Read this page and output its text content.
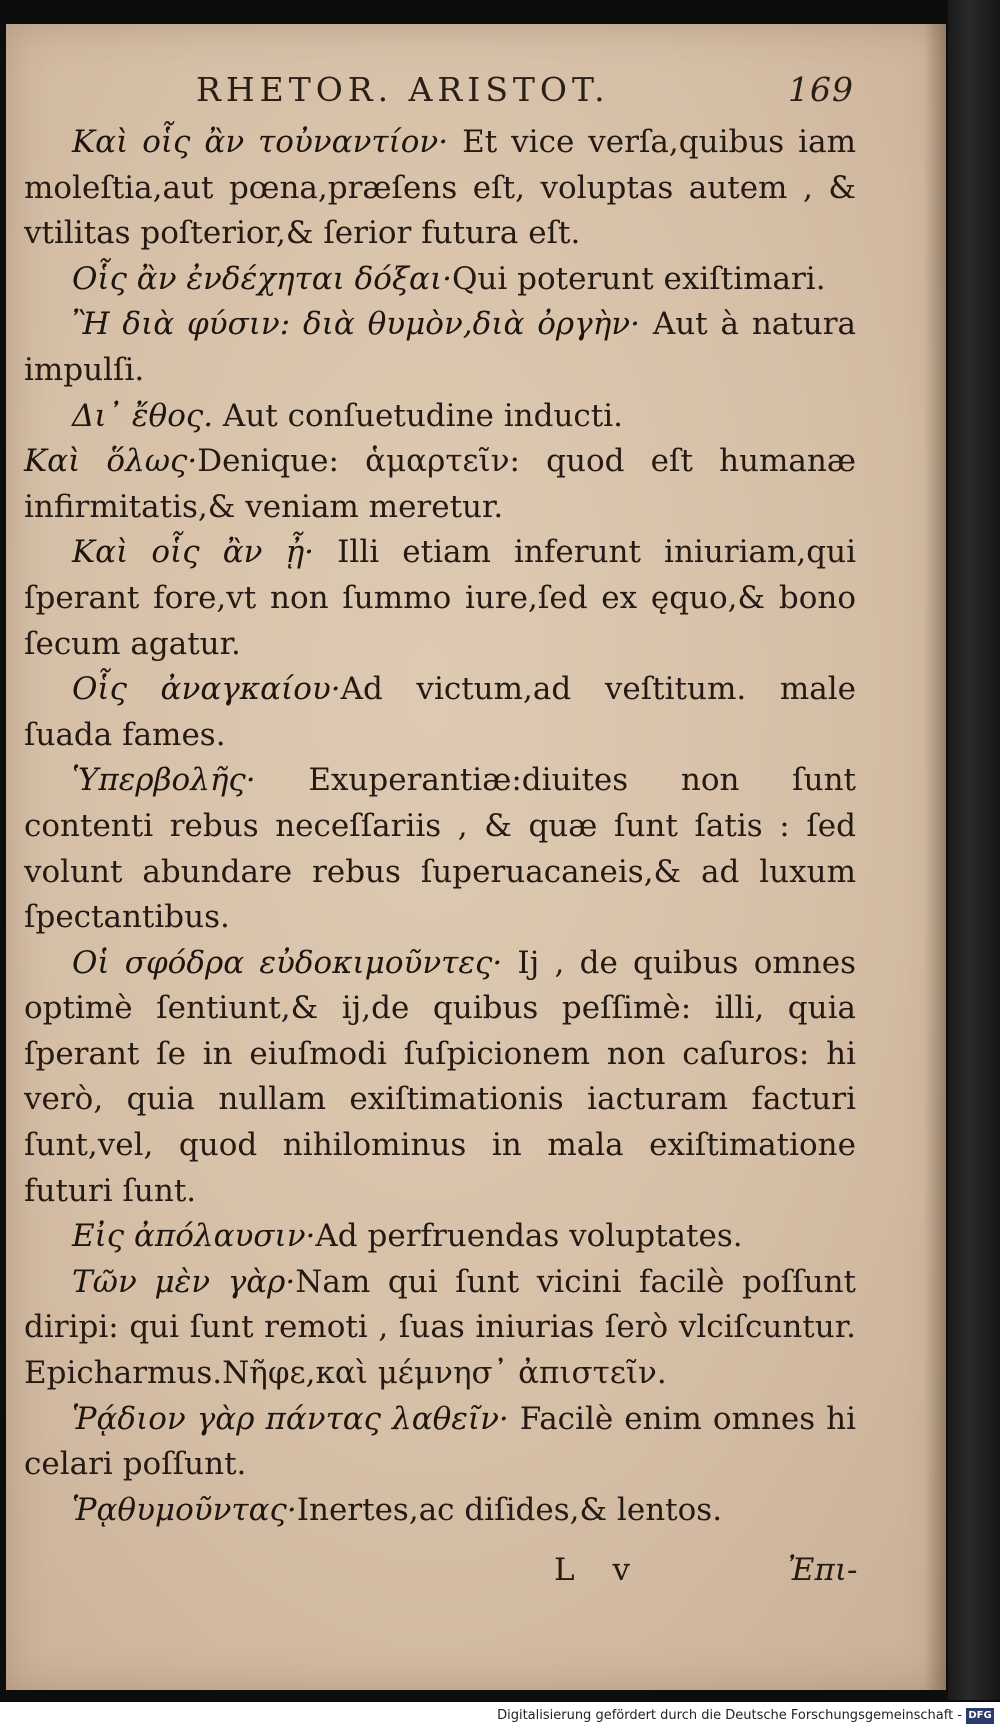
RHETOR. ARISTOT.	169

Καὶ οἷς ἂν τοὐναντίον· Et vice verſa,quibus iam moleſtia,aut pœna,præſens eſt, voluptas autem , & vtilitas poſterior,& ſerior futura eſt.

Οἷς ἂν ἐνδέχηται δόξαι·Qui poterunt exiſtimari.

Ἢ διὰ φύσιν: διὰ θυμὸν,διὰ ὀργὴν· Aut à natura impulſi.

Δι᾽ ἔθος. Aut conſuetudine inducti.

Καὶ ὅλως·Denique: ἁμαρτεῖν: quod eſt humanæ infirmitatis,& veniam meretur.

Καὶ οἷς ἂν ᾖ· Illi etiam inferunt iniuriam,qui ſperant fore,vt non ſummo iure,ſed ex ęquo,& bono ſecum agatur.

Οἷς ἀναγκαίου·Ad victum,ad veſtitum. male ſuada fames.

Ὑπερβολῆς· Exuperantiæ:diuites non ſunt contenti rebus neceſſariis , & quæ ſunt ſatis : ſed volunt abundare rebus ſuperuacaneis,& ad luxum ſpectantibus.

Οἱ σφόδρα εὐδοκιμοῦντες· Ij , de quibus omnes optimè ſentiunt,& ij,de quibus peſſimè: illi, quia ſperant ſe in eiuſmodi ſuſpicionem non caſuros: hi verò, quia nullam exiſtimationis iacturam facturi ſunt,vel, quod nihilominus in mala exiſtimatione futuri ſunt.

Εἰς ἀπόλαυσιν·Ad perfruendas voluptates.

Τῶν μὲν γὰρ·Nam qui ſunt vicini facilè poſſunt diripi: qui ſunt remoti , ſuas iniurias ſerò vlciſcuntur. Epicharmus.Νῆφε,καὶ μέμνησ᾽ ἀπιστεῖν.

Ῥᾴδιον γὰρ πάντας λαθεῖν· Facilè enim omnes hi celari poſſunt.

Ῥᾳθυμοῦντας·Inertes,ac diſides,& lentos.

L v	Ἐπι-
Digitalisierung gefördert durch die Deutsche Forschungsgemeinschaft - DFG
